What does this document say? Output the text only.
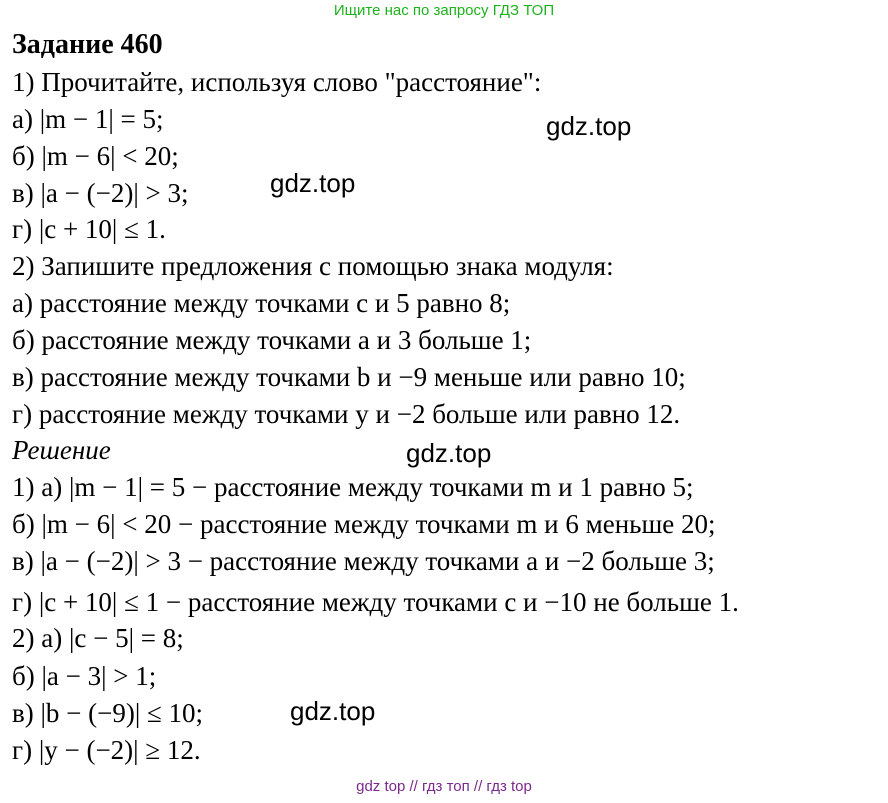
Ищите нас по запросу ГДЗ ТОП
Задание 460
1) Прочитайте, используя слово "расстояние":
а) |m − 1| = 5;
б) |m − 6| < 20;
в) |a − (−2)| > 3;
г) |c + 10| ≤ 1.
2) Запишите предложения с помощью знака модуля:
а) расстояние между точками c и 5 равно 8;
б) расстояние между точками a и 3 больше 1;
в) расстояние между точками b и −9 меньше или равно 10;
г) расстояние между точками y и −2 больше или равно 12.
Решение
1) а) |m − 1| = 5 − расстояние между точками m и 1 равно 5;
б) |m − 6| < 20 − расстояние между точками m и 6 меньше 20;
в) |a − (−2)| > 3 − расстояние между точками a и −2 больше 3;
г) |c + 10| ≤ 1 − расстояние между точками c и −10 не больше 1.
2) а) |c − 5| = 8;
б) |a − 3| > 1;
в) |b − (−9)| ≤ 10;
г) |y − (−2)| ≥ 12.
gdz.top
gdz.top
gdz.top
gdz.top
gdz top // гдз топ // гдз top
